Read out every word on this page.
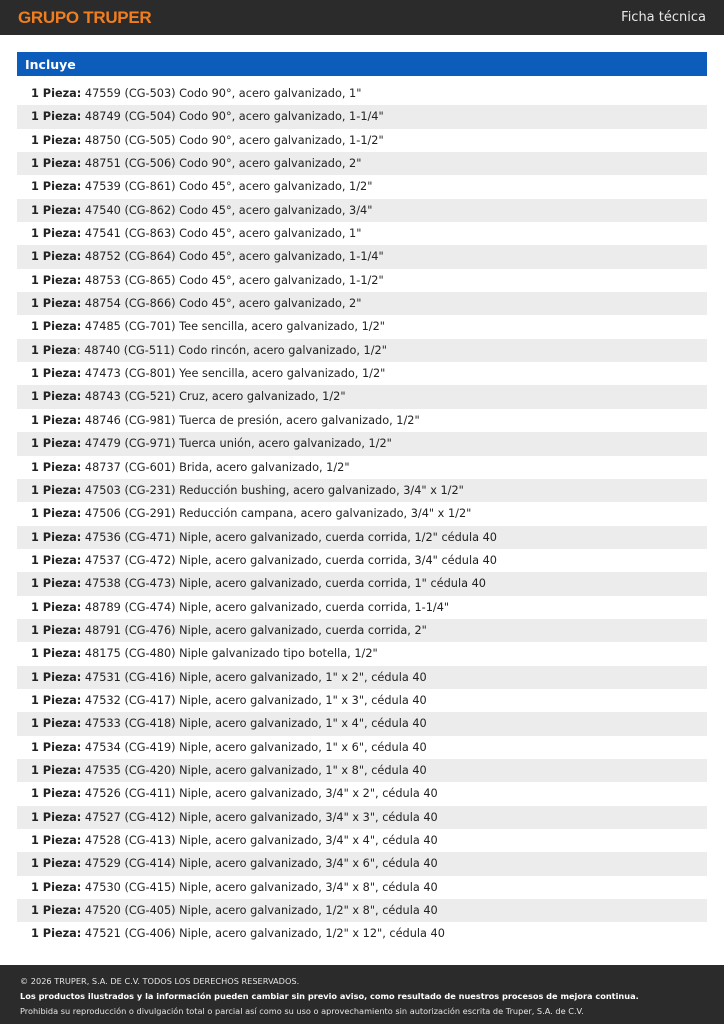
GRUPO TRUPER	Ficha técnica
Incluye
1 Pieza: 47559 (CG-503) Codo 90°, acero galvanizado, 1"
1 Pieza: 48749 (CG-504) Codo 90°, acero galvanizado, 1-1/4"
1 Pieza: 48750 (CG-505) Codo 90°, acero galvanizado, 1-1/2"
1 Pieza: 48751 (CG-506) Codo 90°, acero galvanizado, 2"
1 Pieza: 47539 (CG-861) Codo 45°, acero galvanizado, 1/2"
1 Pieza: 47540 (CG-862) Codo 45°, acero galvanizado, 3/4"
1 Pieza: 47541 (CG-863) Codo 45°, acero galvanizado, 1"
1 Pieza: 48752 (CG-864) Codo 45°, acero galvanizado, 1-1/4"
1 Pieza: 48753 (CG-865) Codo 45°, acero galvanizado, 1-1/2"
1 Pieza: 48754 (CG-866) Codo 45°, acero galvanizado, 2"
1 Pieza: 47485 (CG-701) Tee sencilla, acero galvanizado, 1/2"
1 Pieza: 48740 (CG-511) Codo rincón, acero galvanizado, 1/2"
1 Pieza: 47473 (CG-801) Yee sencilla, acero galvanizado, 1/2"
1 Pieza: 48743 (CG-521) Cruz, acero galvanizado, 1/2"
1 Pieza: 48746 (CG-981) Tuerca de presión, acero galvanizado, 1/2"
1 Pieza: 47479 (CG-971) Tuerca unión, acero galvanizado, 1/2"
1 Pieza: 48737 (CG-601) Brida, acero galvanizado, 1/2"
1 Pieza: 47503 (CG-231) Reducción bushing, acero galvanizado, 3/4" x 1/2"
1 Pieza: 47506 (CG-291) Reducción campana, acero galvanizado, 3/4" x 1/2"
1 Pieza: 47536 (CG-471) Niple, acero galvanizado, cuerda corrida, 1/2" cédula 40
1 Pieza: 47537 (CG-472) Niple, acero galvanizado, cuerda corrida, 3/4" cédula 40
1 Pieza: 47538 (CG-473) Niple, acero galvanizado, cuerda corrida, 1" cédula 40
1 Pieza: 48789 (CG-474) Niple, acero galvanizado, cuerda corrida, 1-1/4"
1 Pieza: 48791 (CG-476) Niple, acero galvanizado, cuerda corrida, 2"
1 Pieza: 48175 (CG-480) Niple galvanizado tipo botella, 1/2"
1 Pieza: 47531 (CG-416) Niple, acero galvanizado, 1" x 2", cédula 40
1 Pieza: 47532 (CG-417) Niple, acero galvanizado, 1" x 3", cédula 40
1 Pieza: 47533 (CG-418) Niple, acero galvanizado, 1" x 4", cédula 40
1 Pieza: 47534 (CG-419) Niple, acero galvanizado, 1" x 6", cédula 40
1 Pieza: 47535 (CG-420) Niple, acero galvanizado, 1" x 8", cédula 40
1 Pieza: 47526 (CG-411) Niple, acero galvanizado, 3/4" x 2", cédula 40
1 Pieza: 47527 (CG-412) Niple, acero galvanizado, 3/4" x 3", cédula 40
1 Pieza: 47528 (CG-413) Niple, acero galvanizado, 3/4" x 4", cédula 40
1 Pieza: 47529 (CG-414) Niple, acero galvanizado, 3/4" x 6", cédula 40
1 Pieza: 47530 (CG-415) Niple, acero galvanizado, 3/4" x 8", cédula 40
1 Pieza: 47520 (CG-405) Niple, acero galvanizado, 1/2" x 8", cédula 40
1 Pieza: 47521 (CG-406) Niple, acero galvanizado, 1/2" x 12", cédula 40
© 2026 TRUPER, S.A. DE C.V. TODOS LOS DERECHOS RESERVADOS.
Los productos ilustrados y la información pueden cambiar sin previo aviso, como resultado de nuestros procesos de mejora continua.
Prohibida su reproducción o divulgación total o parcial así como su uso o aprovechamiento sin autorización escrita de Truper, S.A. de C.V.
